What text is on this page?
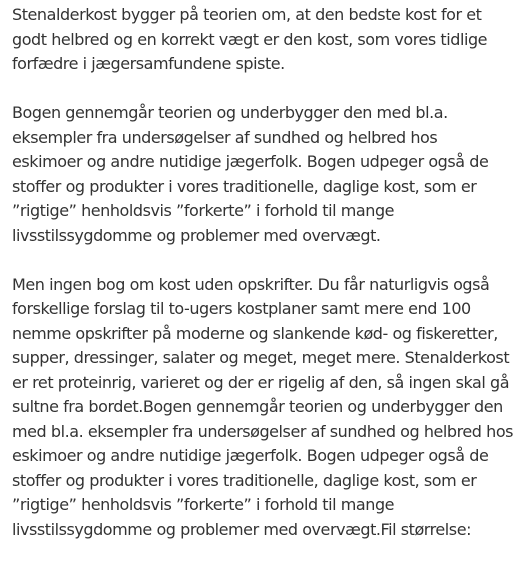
Stenalderkost bygger på teorien om, at den bedste kost for et
godt helbred og en korrekt vægt er den kost, som vores tidlige
forfædre i jægersamfundene spiste.

Bogen gennemgår teorien og underbygger den med bl.a.
eksempler fra undersøgelser af sundhed og helbred hos
eskimoer og andre nutidige jægerfolk. Bogen udpeger også de
stoffer og produkter i vores traditionelle, daglige kost, som er
”rigtige” henholdsvis ”forkerte” i forhold til mange
livsstilssygdomme og problemer med overvægt.

Men ingen bog om kost uden opskrifter. Du får naturligvis også
forskellige forslag til to-ugers kostplaner samt mere end 100
nemme opskrifter på moderne og slankende kød- og fiskeretter,
supper, dressinger, salater og meget, meget mere. Stenalderkost
er ret proteinrig, varieret og der er rigelig af den, så ingen skal gå
sultne fra bordet.Bogen gennemgår teorien og underbygger den
med bl.a. eksempler fra undersøgelser af sundhed og helbred hos
eskimoer og andre nutidige jægerfolk. Bogen udpeger også de
stoffer og produkter i vores traditionelle, daglige kost, som er
”rigtige” henholdsvis ”forkerte” i forhold til mange
livsstilssygdomme og problemer med overvægt.Fil størrelse:
